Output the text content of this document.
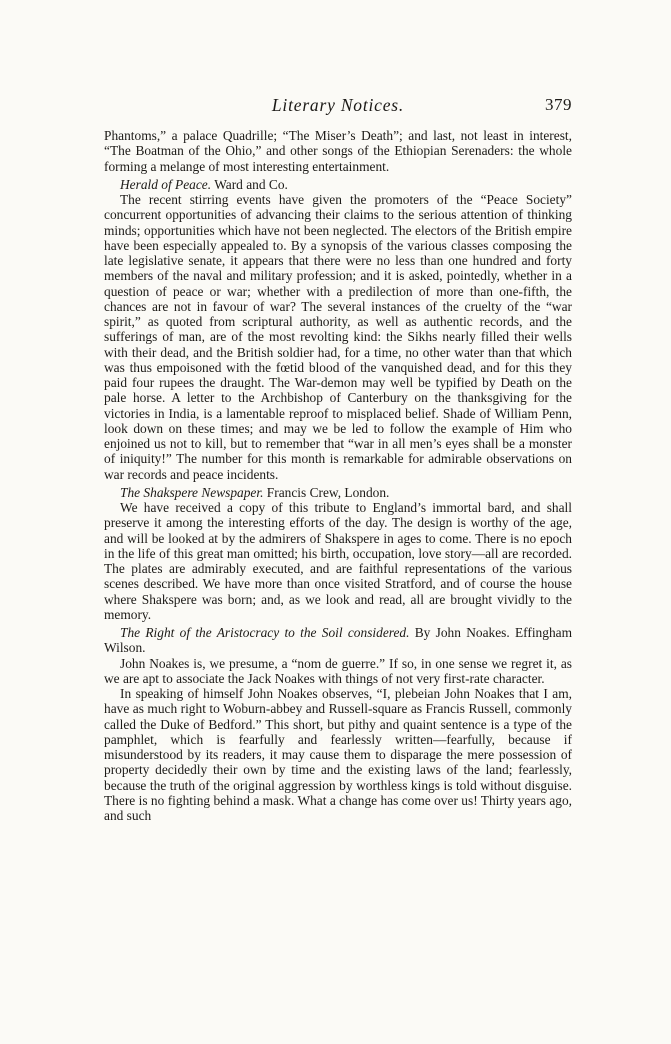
Literary Notices.	379

Phantoms,” a palace Quadrille; “The Miser’s Death”; and last, not least in interest, “The Boatman of the Ohio,” and other songs of the Ethiopian Serenaders: the whole forming a melange of most interesting entertainment.

Herald of Peace. Ward and Co.

The recent stirring events have given the promoters of the “Peace Society” concurrent opportunities of advancing their claims to the serious attention of thinking minds; opportunities which have not been neglected. The electors of the British empire have been especially appealed to. By a synopsis of the various classes composing the late legislative senate, it appears that there were no less than one hundred and forty members of the naval and military profession; and it is asked, pointedly, whether in a question of peace or war; whether with a predilection of more than one-fifth, the chances are not in favour of war? The several instances of the cruelty of the “war spirit,” as quoted from scriptural authority, as well as authentic records, and the sufferings of man, are of the most revolting kind: the Sikhs nearly filled their wells with their dead, and the British soldier had, for a time, no other water than that which was thus empoisoned with the fœtid blood of the vanquished dead, and for this they paid four rupees the draught. The War-demon may well be typified by Death on the pale horse. A letter to the Archbishop of Canterbury on the thanksgiving for the victories in India, is a lamentable reproof to misplaced belief. Shade of William Penn, look down on these times; and may we be led to follow the example of Him who enjoined us not to kill, but to remember that “war in all men’s eyes shall be a monster of iniquity!” The number for this month is remarkable for admirable observations on war records and peace incidents.

The Shakspere Newspaper. Francis Crew, London.

We have received a copy of this tribute to England’s immortal bard, and shall preserve it among the interesting efforts of the day. The design is worthy of the age, and will be looked at by the admirers of Shakspere in ages to come. There is no epoch in the life of this great man omitted; his birth, occupation, love story—all are recorded. The plates are admirably executed, and are faithful representations of the various scenes described. We have more than once visited Stratford, and of course the house where Shakspere was born; and, as we look and read, all are brought vividly to the memory.

The Right of the Aristocracy to the Soil considered. By John Noakes. Effingham Wilson.

John Noakes is, we presume, a “nom de guerre.” If so, in one sense we regret it, as we are apt to associate the Jack Noakes with things of not very first-rate character.

In speaking of himself John Noakes observes, “I, plebeian John Noakes that I am, have as much right to Woburn-abbey and Russell-square as Francis Russell, commonly called the Duke of Bedford.” This short, but pithy and quaint sentence is a type of the pamphlet, which is fearfully and fearlessly written—fearfully, because if misunderstood by its readers, it may cause them to disparage the mere possession of property decidedly their own by time and the existing laws of the land; fearlessly, because the truth of the original aggression by worthless kings is told without disguise. There is no fighting behind a mask. What a change has come over us! Thirty years ago, and such
